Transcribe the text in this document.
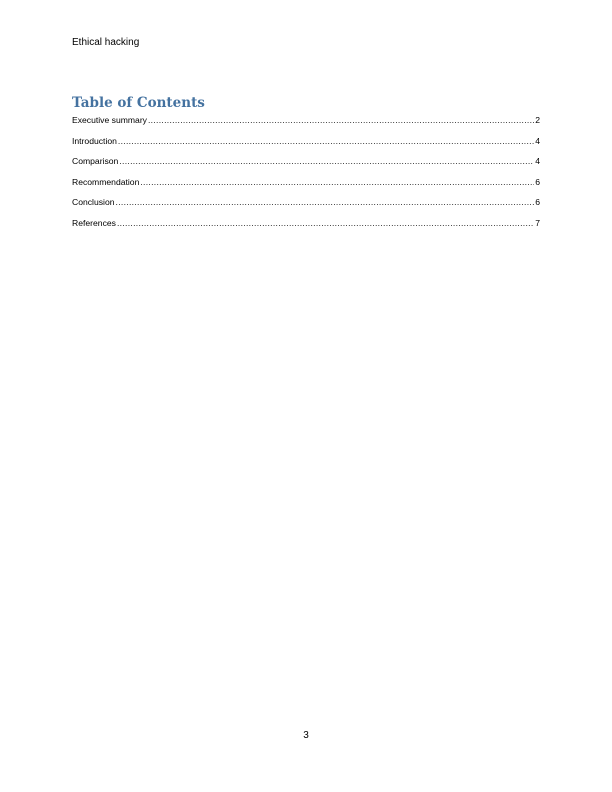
Ethical hacking
Table of Contents
Executive summary .....	2
Introduction .....	4
Comparison .....	4
Recommendation .....	6
Conclusion .....	6
References .....	7
3
